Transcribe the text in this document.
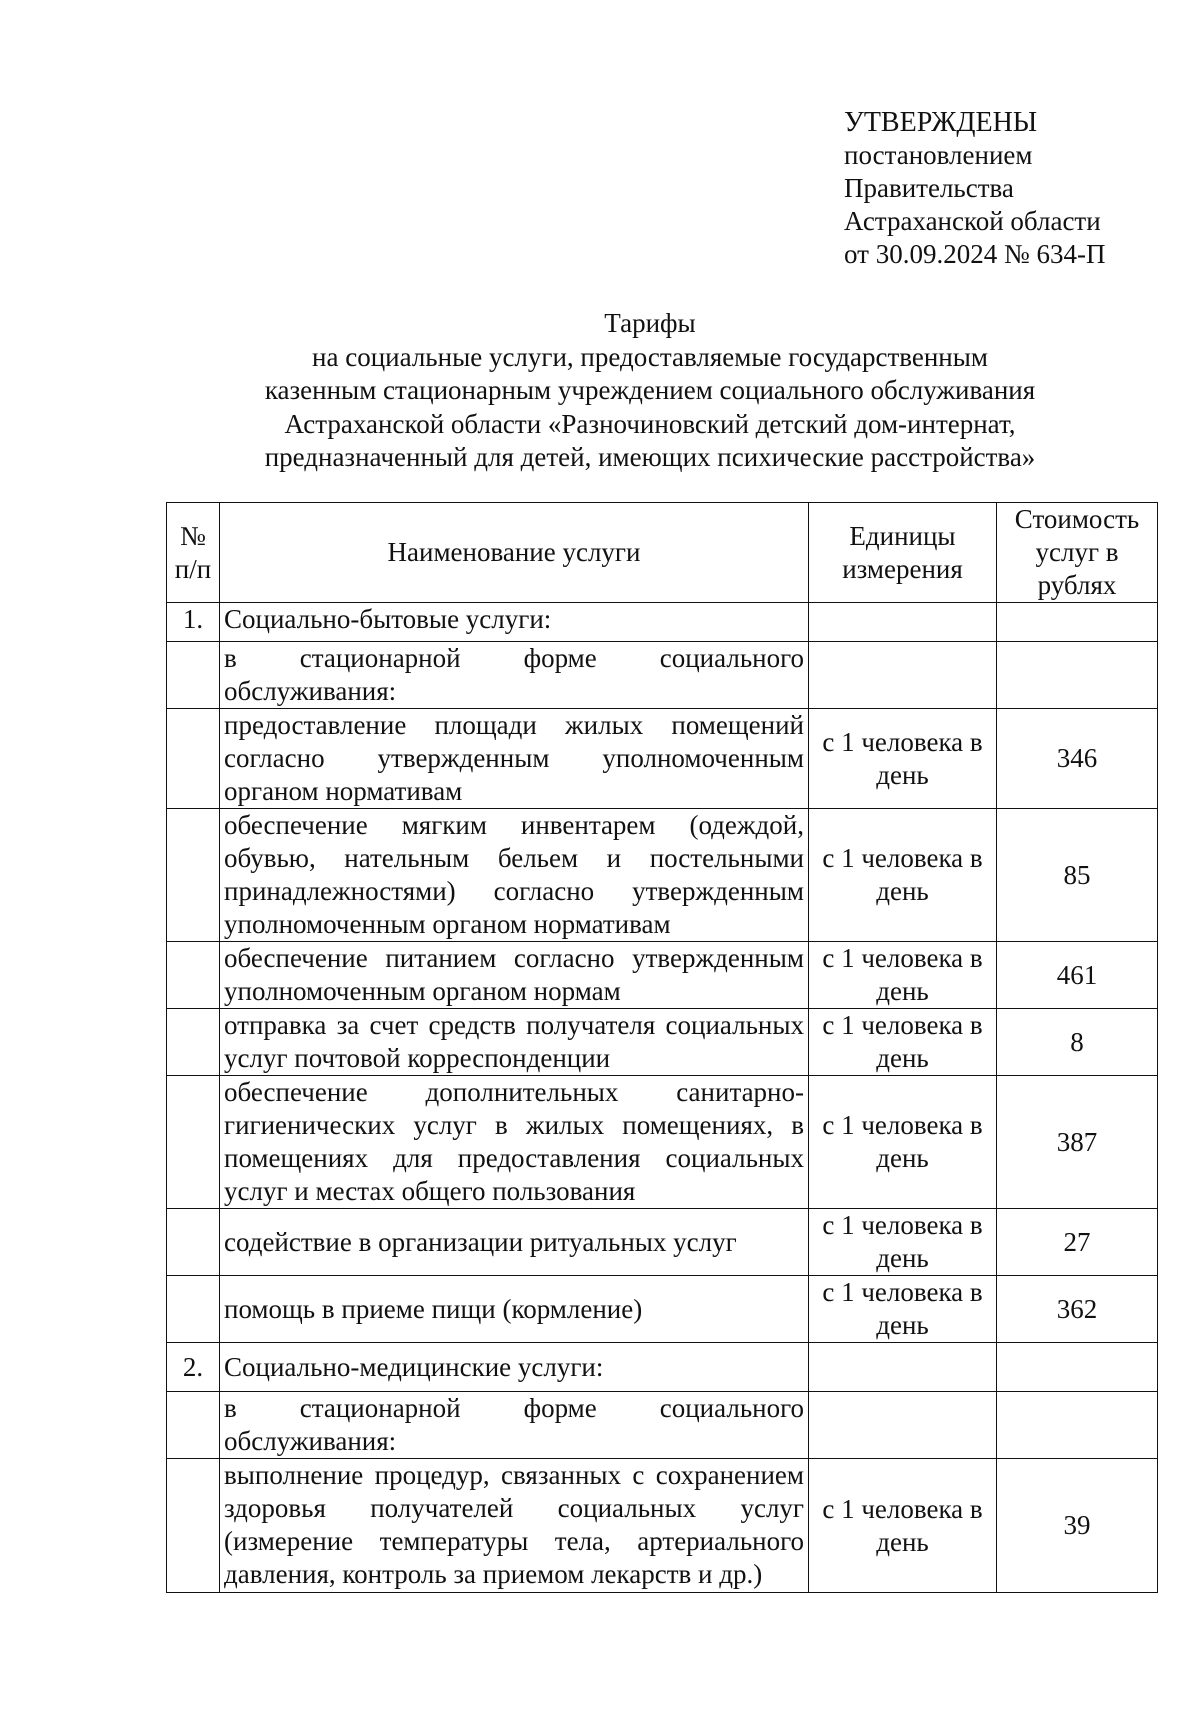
УТВЕРЖДЕНЫ
постановлением
Правительства
Астраханской области
от 30.09.2024 № 634-П
Тарифы
на социальные услуги, предоставляемые государственным
казенным стационарным учреждением социального обслуживания
Астраханской области «Разночиновский детский дом-интернат,
предназначенный для детей, имеющих психические расстройства»
№ п/п	Наименование услуги	Единицы измерения	Стоимость услуг в рублях

1.	Социально-бытовые услуги:		
	в стационарной форме социального обслуживания:		
	предоставление площади жилых помещений согласно утвержденным уполномоченным органом нормативам	с 1 человека в день	346
	обеспечение мягким инвентарем (одеждой, обувью, нательным бельем и постельными принадлежностями) согласно утвержденным уполномоченным органом нормативам	с 1 человека в день	85
	обеспечение питанием согласно утвержденным уполномоченным органом нормам	с 1 человека в день	461
	отправка за счет средств получателя социальных услуг почтовой корреспонденции	с 1 человека в день	8
	обеспечение дополнительных санитарно-гигиенических услуг в жилых помещениях, в помещениях для предоставления социальных услуг и местах общего пользования	с 1 человека в день	387
	содействие в организации ритуальных услуг	с 1 человека в день	27
	помощь в приеме пищи (кормление)	с 1 человека в день	362
2.	Социально-медицинские услуги:		
	в стационарной форме социального обслуживания:		
	выполнение процедур, связанных с сохранением здоровья получателей социальных услуг (измерение температуры тела, артериального давления, контроль за приемом лекарств и др.)	с 1 человека в день	39
